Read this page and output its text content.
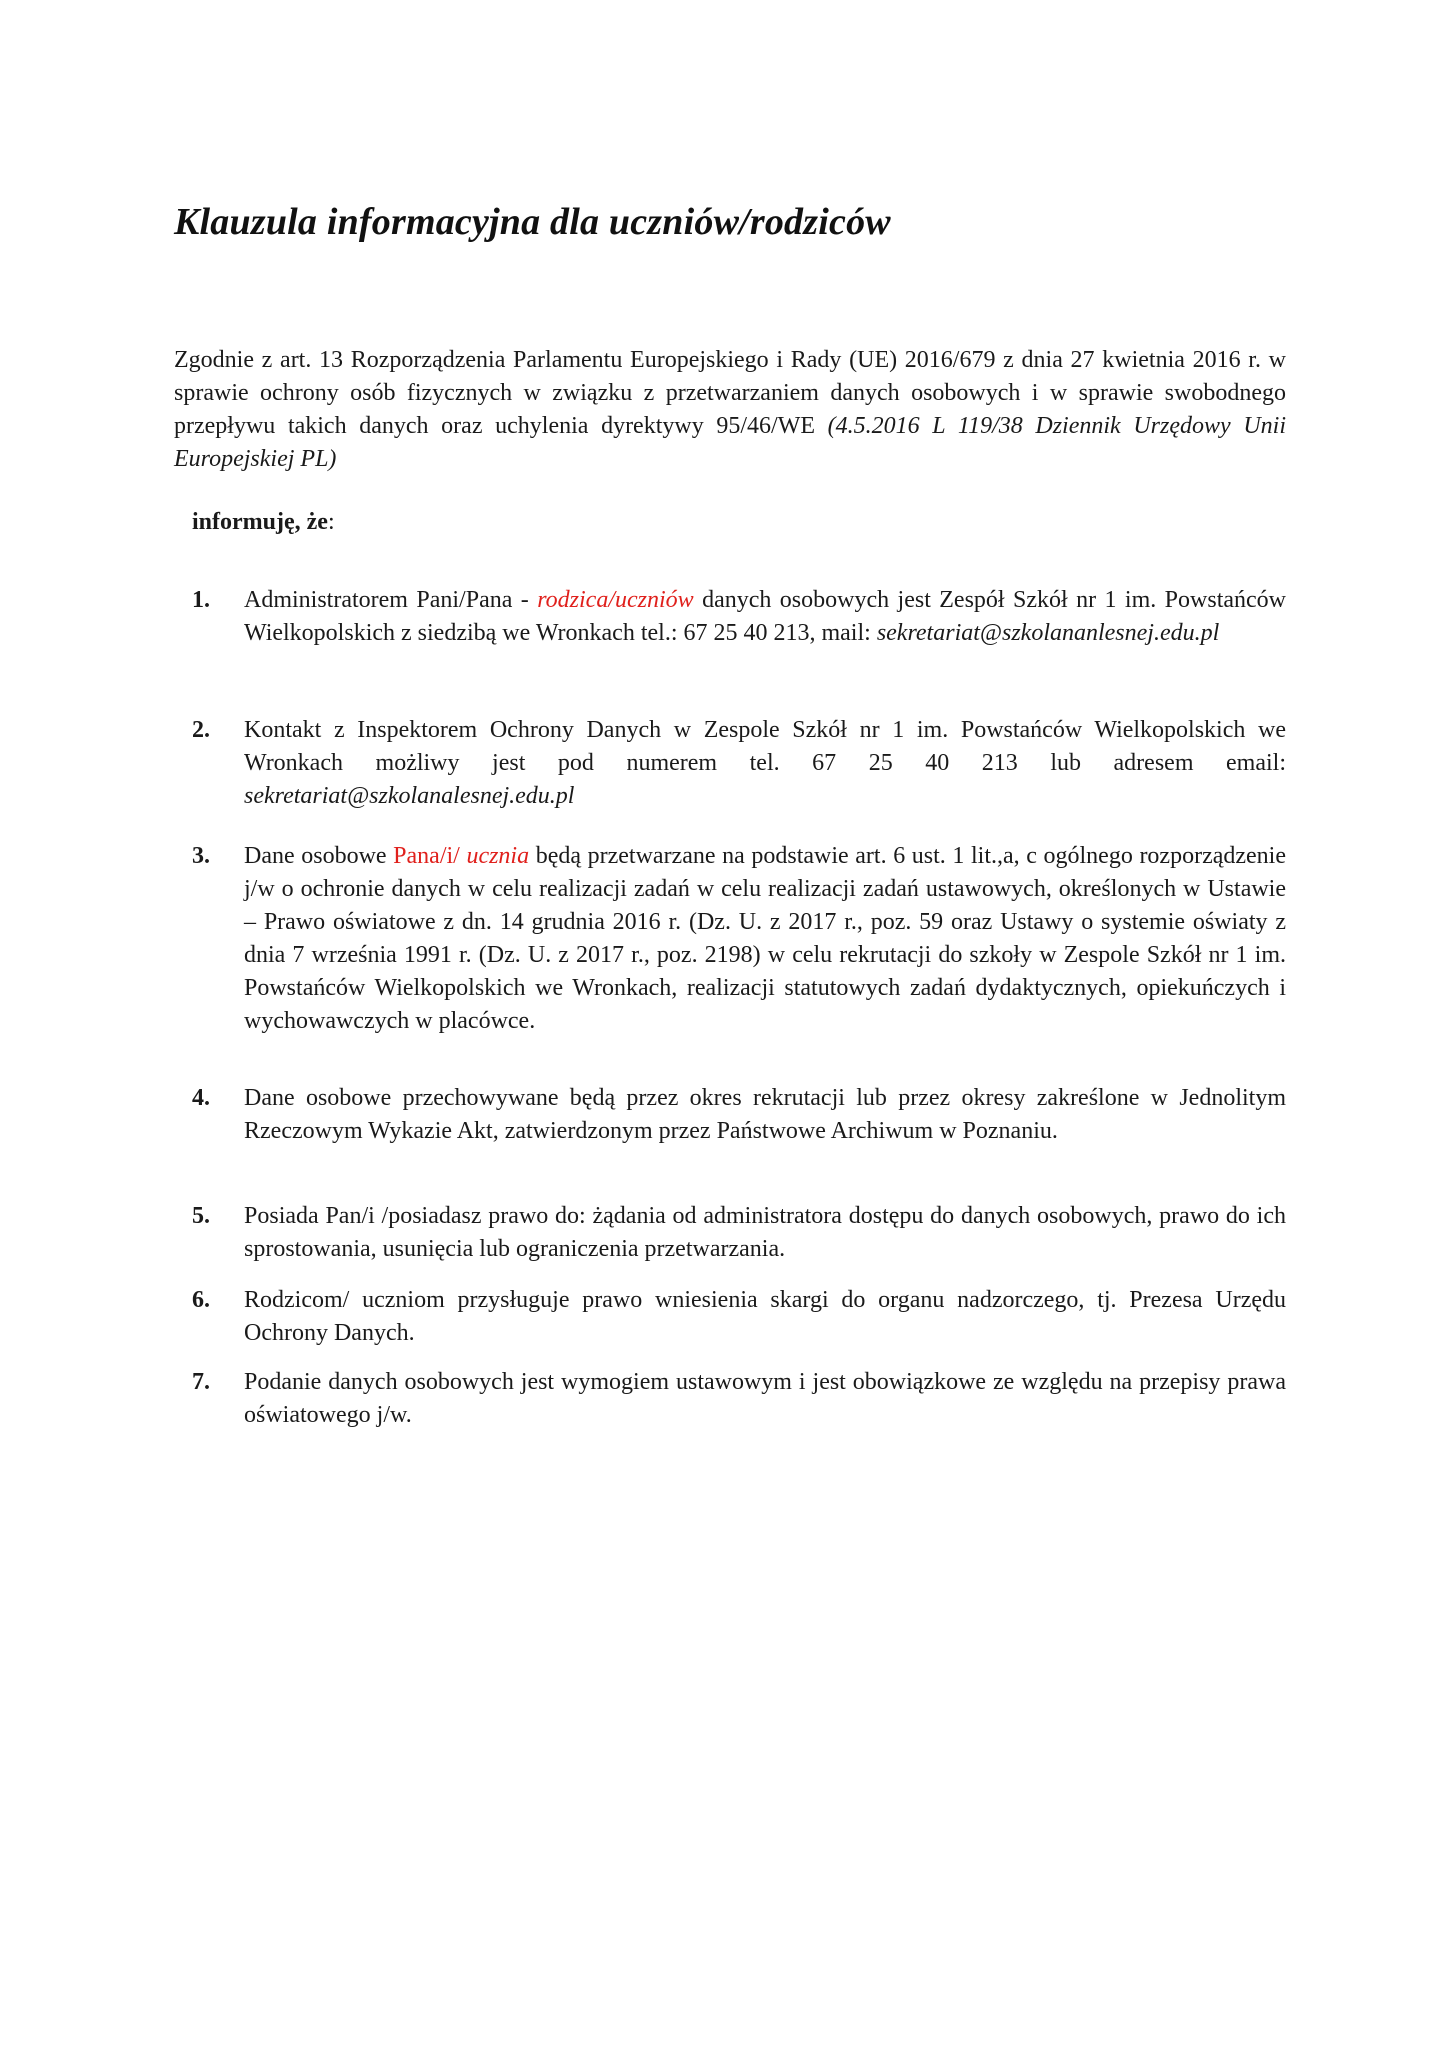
Klauzula informacyjna dla uczniów/rodziców

Zgodnie z art. 13 Rozporządzenia Parlamentu Europejskiego i Rady (UE) 2016/679 z dnia 27 kwietnia 2016 r. w sprawie ochrony osób fizycznych w związku z przetwarzaniem danych osobowych i w sprawie swobodnego przepływu takich danych oraz uchylenia dyrektywy 95/46/WE (4.5.2016 L 119/38 Dziennik Urzędowy Unii Europejskiej PL)

informuję, że:

1.	Administratorem Pani/Pana - rodzica/uczniów danych osobowych jest Zespół Szkół nr 1 im. Powstańców Wielkopolskich z siedzibą we Wronkach tel.: 67 25 40 213, mail: sekretariat@szkolananlesnej.edu.pl
2.	Kontakt z Inspektorem Ochrony Danych w Zespole Szkół nr 1 im. Powstańców Wielkopolskich we Wronkach możliwy jest pod numerem tel. 67 25 40 213 lub adresem email: sekretariat@szkolanalesnej.edu.pl
3.	Dane osobowe Pana/i/ ucznia będą przetwarzane na podstawie art. 6 ust. 1 lit.,a, c ogólnego rozporządzenie j/w o ochronie danych w celu realizacji zadań w celu realizacji zadań ustawowych, określonych w Ustawie – Prawo oświatowe z dn. 14 grudnia 2016 r. (Dz. U. z 2017 r., poz. 59 oraz Ustawy o systemie oświaty z dnia 7 września 1991 r. (Dz. U. z 2017 r., poz. 2198) w celu rekrutacji do szkoły w Zespole Szkół nr 1 im. Powstańców Wielkopolskich we Wronkach, realizacji statutowych zadań dydaktycznych, opiekuńczych i wychowawczych w placówce.
4.	Dane osobowe przechowywane będą przez okres rekrutacji lub przez okresy zakreślone w Jednolitym Rzeczowym Wykazie Akt, zatwierdzonym przez Państwowe Archiwum w Poznaniu.
5.	Posiada Pan/i /posiadasz prawo do: żądania od administratora dostępu do danych osobowych, prawo do ich sprostowania, usunięcia lub ograniczenia przetwarzania.
6.	Rodzicom/ uczniom przysługuje prawo wniesienia skargi do organu nadzorczego, tj. Prezesa Urzędu Ochrony Danych.
7.	Podanie danych osobowych jest wymogiem ustawowym i jest obowiązkowe ze względu na przepisy prawa oświatowego j/w.
